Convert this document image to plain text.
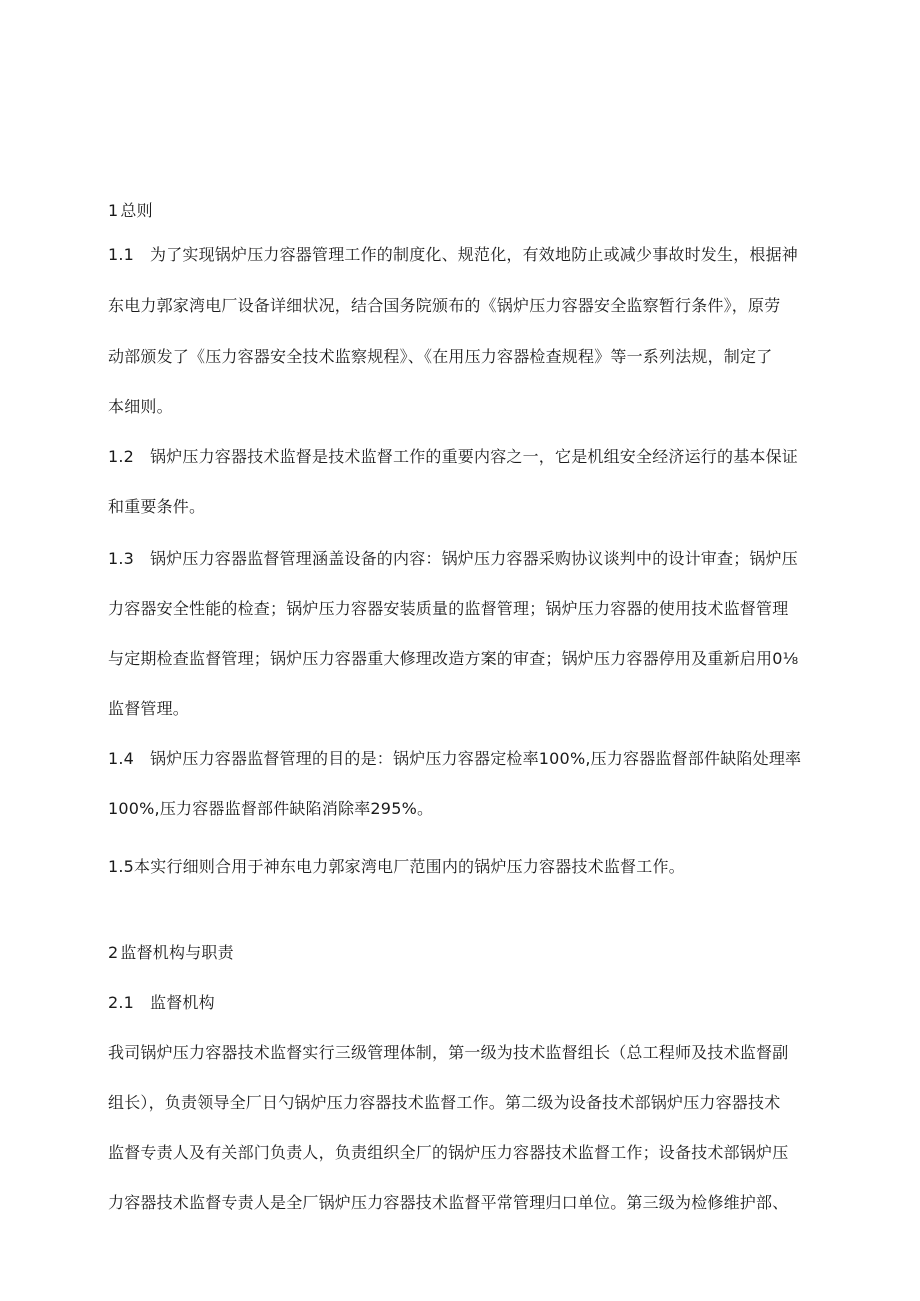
1 总则
1.1 为了实现锅炉压力容器管理工作的制度化、规范化，有效地防止或减少事故时发生，根据神
东电力郭家湾电厂设备详细状况，结合国务院颁布的《锅炉压力容器安全监察暂行条件》，原劳
动部颁发了《压力容器安全技术监察规程》、《在用压力容器检查规程》等一系列法规，制定了
本细则。
1.2 锅炉压力容器技术监督是技术监督工作的重要内容之一，它是机组安全经济运行的基本保证
和重要条件。
1.3 锅炉压力容器监督管理涵盖设备的内容：锅炉压力容器采购协议谈判中的设计审查；锅炉压
力容器安全性能的检查；锅炉压力容器安装质量的监督管理；锅炉压力容器的使用技术监督管理
与定期检查监督管理；锅炉压力容器重大修理改造方案的审查；锅炉压力容器停用及重新启用0⅛
监督管理。
1.4 锅炉压力容器监督管理的目的是：锅炉压力容器定检率100%,压力容器监督部件缺陷处理率
100%,压力容器监督部件缺陷消除率295%。
1.5本实行细则合用于神东电力郭家湾电厂范围内的锅炉压力容器技术监督工作。
2 监督机构与职责
2.1 监督机构
我司锅炉压力容器技术监督实行三级管理体制，第一级为技术监督组长（总工程师及技术监督副
组长），负责领导全厂日勺锅炉压力容器技术监督工作。第二级为设备技术部锅炉压力容器技术
监督专责人及有关部门负责人，负责组织全厂的锅炉压力容器技术监督工作；设备技术部锅炉压
力容器技术监督专责人是全厂锅炉压力容器技术监督平常管理归口单位。第三级为检修维护部、
